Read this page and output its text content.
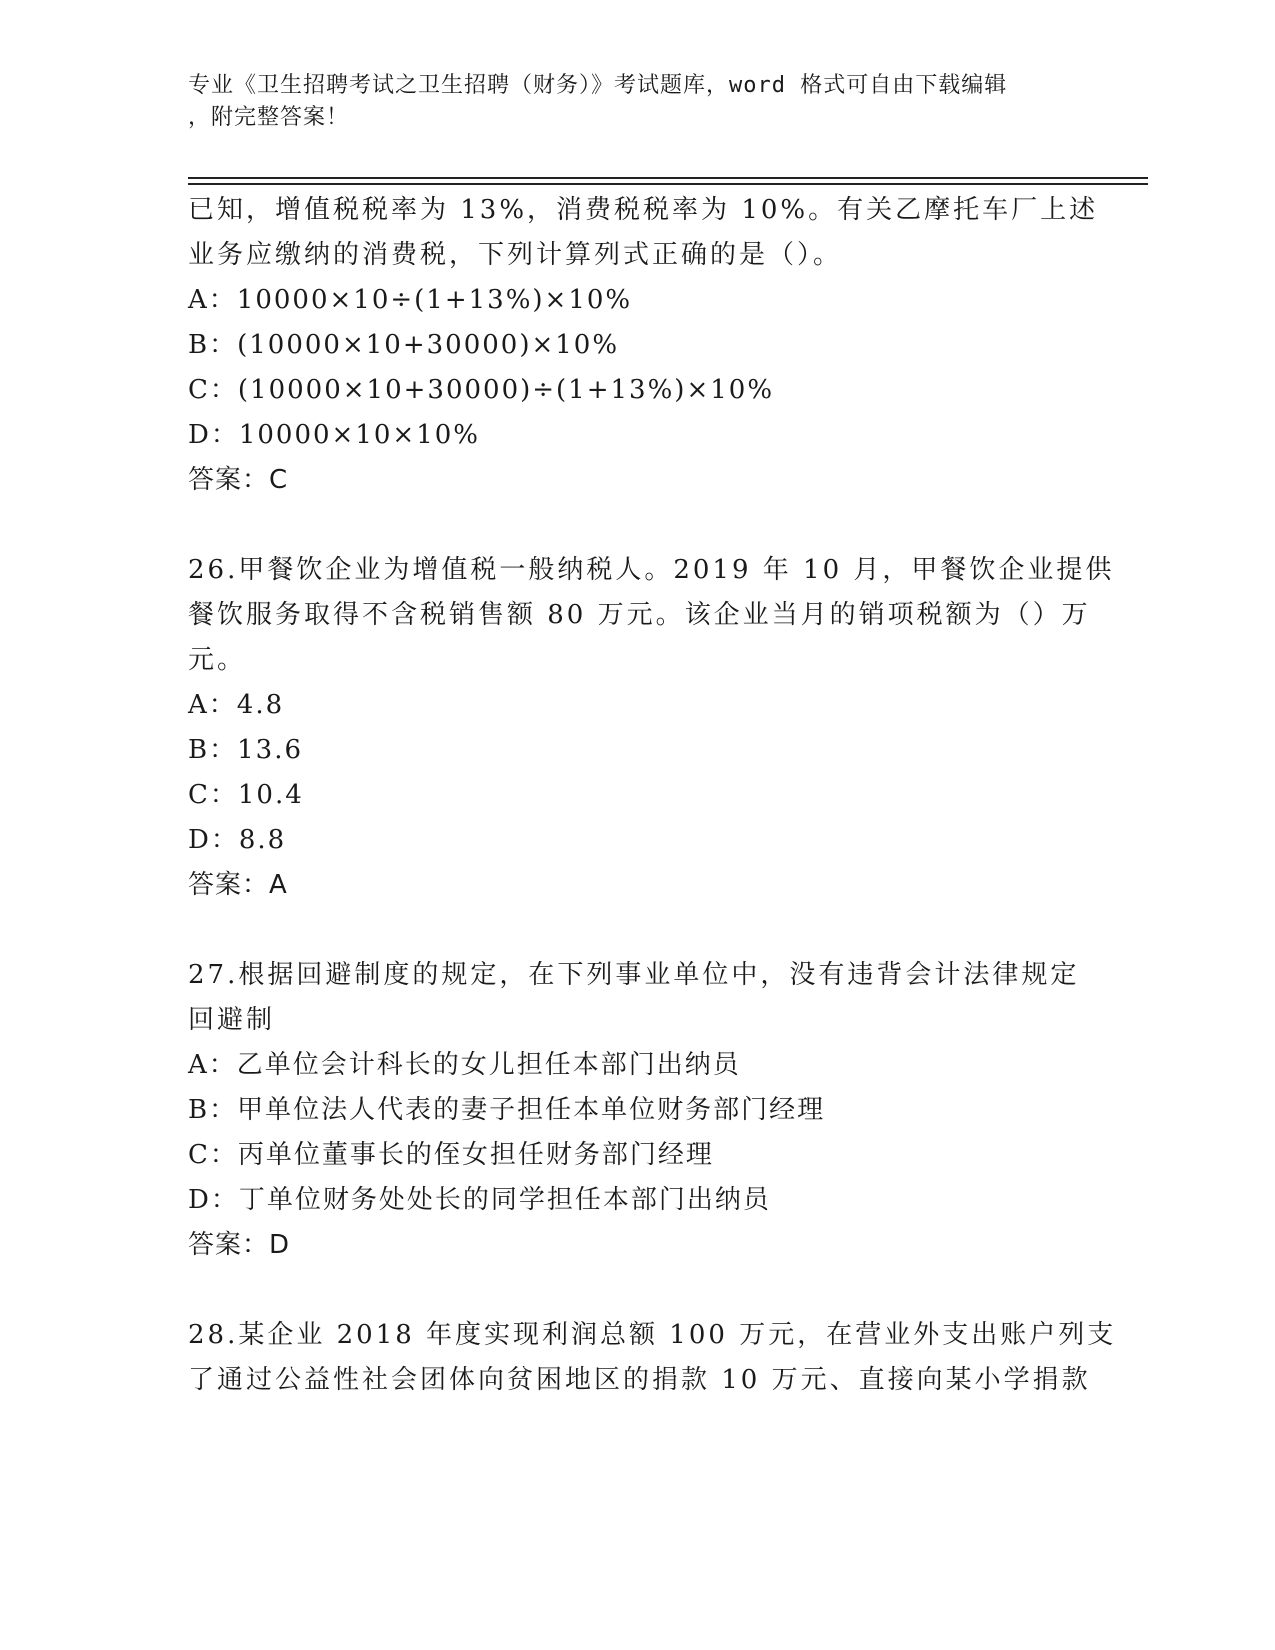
专业《卫生招聘考试之卫生招聘（财务）》考试题库，word 格式可自由下载编辑
，附完整答案！
已知，增值税税率为 13%，消费税税率为 10%。有关乙摩托车厂上述
业务应缴纳的消费税，下列计算列式正确的是（）。
A：10000×10÷(1+13%)×10%
B：(10000×10+30000)×10%
C：(10000×10+30000)÷(1+13%)×10%
D：10000×10×10%
答案：C
26.甲餐饮企业为增值税一般纳税人。2019 年 10 月，甲餐饮企业提供
餐饮服务取得不含税销售额 80 万元。该企业当月的销项税额为（）万
元。
A：4.8
B：13.6
C：10.4
D：8.8
答案：A
27.根据回避制度的规定，在下列事业单位中，没有违背会计法律规定
回避制
A：乙单位会计科长的女儿担任本部门出纳员
B：甲单位法人代表的妻子担任本单位财务部门经理
C：丙单位董事长的侄女担任财务部门经理
D：丁单位财务处处长的同学担任本部门出纳员
答案：D
28.某企业 2018 年度实现利润总额 100 万元，在营业外支出账户列支
了通过公益性社会团体向贫困地区的捐款 10 万元、直接向某小学捐款
